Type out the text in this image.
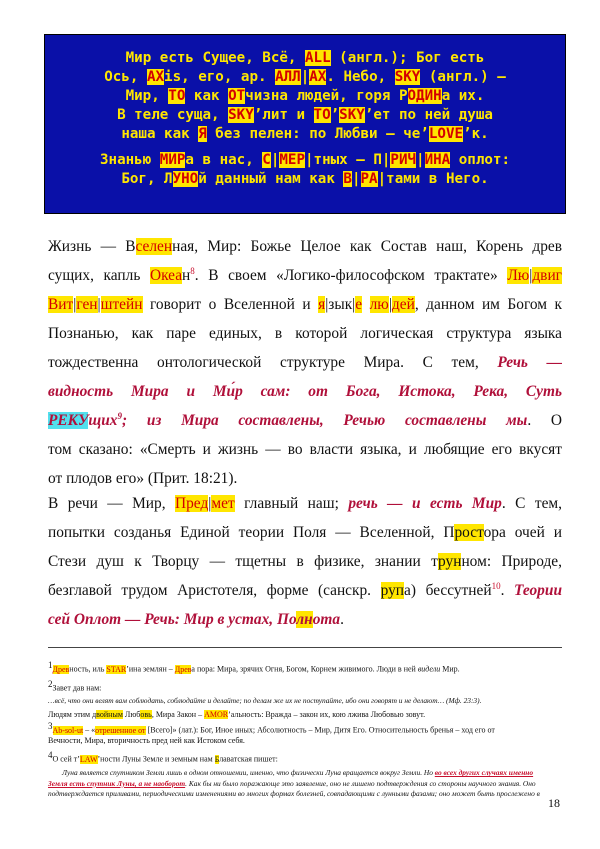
Мир есть Сущее, Всё, ALL (англ.); Бог есть
Ось, AXis, его, ар. АЛЛ|АХ. Небо, SKY (англ.) —
Мир, ТО как ОТчизна людей, горя РОДИНа их.
В теле суща, SKY’лит и ТО’SKY’ет по ней душа
наша как Я без пелен: по Любви — че’LOVE’к.
Знанью МИРа в нас, С|МЕР|тных — П|РИЧ|ИНА оплот:
Бог, ЛУНОй данный нам как В|РА|тами в Него.
Жизнь — Вселенная, Мир: Божье Целое как Состав наш, Корень древ
сущих, капль Океан$^8$. В своем «Логико-философском трактате» Лю|двиг
Вит|ген|штейн говорит о Вселенной и я|зык|е лю|дей, данном им Богом к
Познанью, как паре единых, в которой логическая структура языка
тождественна онтологической структуре Мира. С тем, Речь —
видность Мира и Ми́р сам: от Бога, Истока, Река, Суть
РЕКУщих$^9$; из Мира составлены, Речью составлены мы. О
том сказано: «Смерть и жизнь — во власти языка, и любящие его вкусят
от плодов его» (Прит. 18:21).
В речи — Мир, Пред|мет главный наш; речь — и есть Мир. С тем,
попытки созданья Единой теории Поля — Вселенной, Простора очей и
Стези душ к Творцу — тщетны в физике, знании трунном: Природе,
безглавой трудом Аристотеля, форме (санскр. рупа) бессутней$^{10}$. Теории
сей Оплот — Речь: Мир в устах, Полнота.
$^1$Древность, иль STAR’ина землян – Древа пора: Мира, зрячих Огня, Богом, Корнем живимого. Люди в ней видели Мир.
$^2$Завет дав нам:
…всё, что они велят вам соблюдать, соблюдайте и делайте; по делам же их не поступайте, ибо они говорят и не делают… (Мф. 23:3).
Людям этим двойным Любовь, Мира Закон – AMOR’альность: Вражда – закон их, кою лжива Любовью зовут.
$^3$Ab-sol-ut – «отрешенное от [Всего]» (лат.): Бог, Иное иных; Абсолютность – Мир, Дитя Его. Относительность бренья – ход его от
Вечности, Мира, вторичность пред ней как Истоком себя.
$^4$О сей т’LAW’ности Луны Земле и земным нам Блаватская пишет:
Луна является спутником Земли лишь в одном отношении, именно, что физически Луна вращается вокруг Земли. Но во всех других случаях именно
Земля есть спутник Луны, а не наоборот. Как бы ни было поражающе это заявление, оно не лишено подтверждения со стороны научного знания. Оно
подтверждается приливами, периодическими изменениями во многих формах болезней, совпадающими с лунными фазами; оно может быть прослежено в
18
